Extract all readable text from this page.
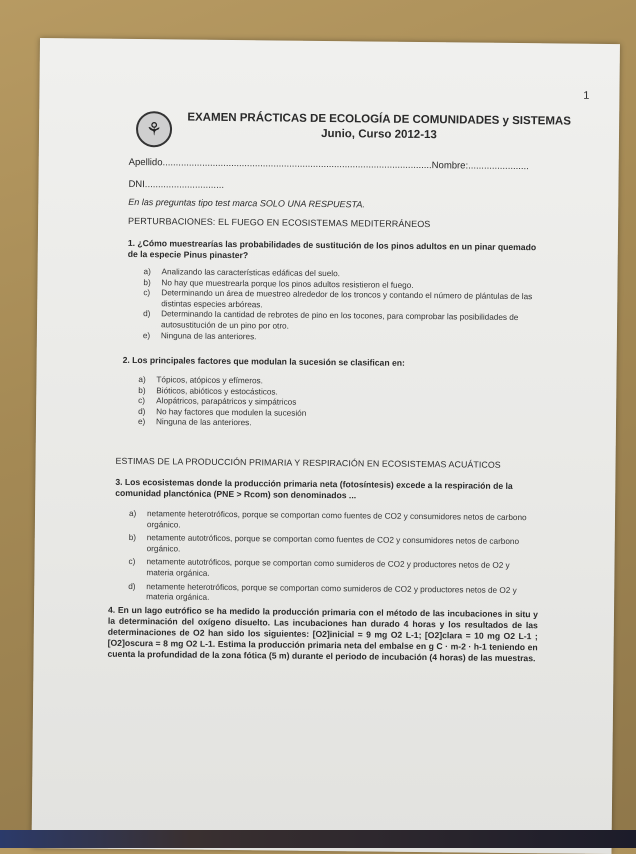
1
⚘	EXAMEN PRÁCTICAS DE ECOLOGÍA DE COMUNIDADES y SISTEMAS
Junio, Curso 2012-13
Apellido......................................................................................................Nombre:.......................
DNI..............................
En las preguntas tipo test marca SOLO UNA RESPUESTA.
PERTURBACIONES: EL FUEGO EN ECOSISTEMAS MEDITERRÁNEOS
1. ¿Cómo muestrearías las probabilidades de sustitución de los pinos adultos en un pinar quemado de la especie Pinus pinaster?
a)	Analizando las características edáficas del suelo.
b)	No hay que muestrearla porque los pinos adultos resistieron el fuego.
c)	Determinando un área de muestreo alrededor de los troncos y contando el número de plántulas de las distintas especies arbóreas.
d)	Determinando la cantidad de rebrotes de pino en los tocones, para comprobar las posibilidades de autosustitución de un pino por otro.
e)	Ninguna de las anteriores.
2. Los principales factores que modulan la sucesión se clasifican en:
a)	Tópicos, atópicos y efímeros.
b)	Bióticos, abióticos y estocásticos.
c)	Alopátricos, parapátricos y simpátricos
d)	No hay factores que modulen la sucesión
e)	Ninguna de las anteriores.
ESTIMAS DE LA PRODUCCIÓN PRIMARIA Y RESPIRACIÓN EN ECOSISTEMAS ACUÁTICOS
3. Los ecosistemas donde la producción primaria neta (fotosíntesis) excede a la respiración de la comunidad planctónica (PNE > Rcom) son denominados ...
a)	netamente heterotróficos, porque se comportan como fuentes de CO2 y consumidores netos de carbono orgánico.
b)	netamente autotróficos, porque se comportan como fuentes de CO2 y consumidores netos de carbono orgánico.
c)	netamente autotróficos, porque se comportan como sumideros de CO2 y productores netos de O2 y materia orgánica.
d)	netamente heterotróficos, porque se comportan como sumideros de CO2 y productores netos de O2 y materia orgánica.
4. En un lago eutrófico se ha medido la producción primaria con el método de las incubaciones in situ y la determinación del oxígeno disuelto. Las incubaciones han durado 4 horas y los resultados de las determinaciones de O2 han sido los siguientes: [O2]inicial = 9 mg O2 L-1; [O2]clara = 10 mg O2 L-1 ; [O2]oscura = 8 mg O2 L-1. Estima la producción primaria neta del embalse en g C · m-2 · h-1 teniendo en cuenta la profundidad de la zona fótica (5 m) durante el periodo de incubación (4 horas) de las muestras.
